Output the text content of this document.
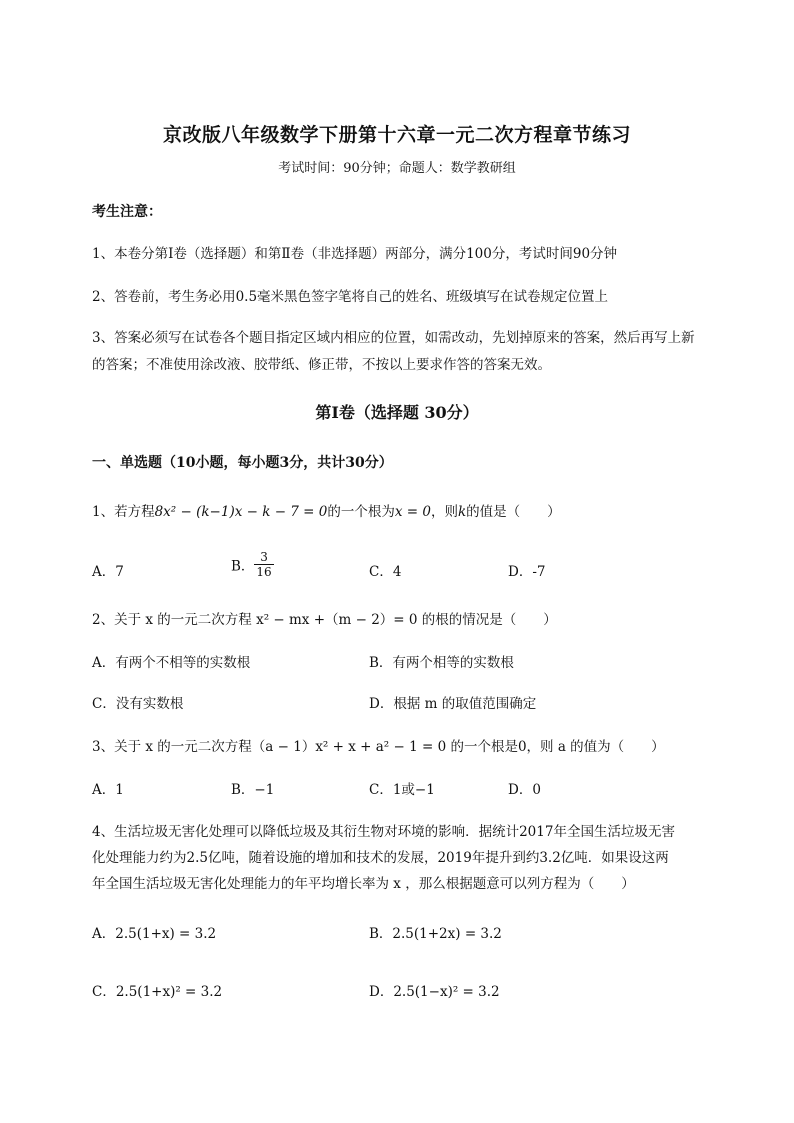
京改版八年级数学下册第十六章一元二次方程章节练习
考试时间：90分钟；命题人：数学教研组
考生注意：
1、本卷分第I卷（选择题）和第Ⅱ卷（非选择题）两部分，满分100分，考试时间90分钟
2、答卷前，考生务必用0.5毫米黑色签字笔将自己的姓名、班级填写在试卷规定位置上
3、答案必须写在试卷各个题目指定区域内相应的位置，如需改动，先划掉原来的答案，然后再写上新
的答案；不准使用涂改液、胶带纸、修正带，不按以上要求作答的答案无效。
第I卷（选择题 30分）
一、单选题（10小题，每小题3分，共计30分）
1、若方程8x² − (k−1)x − k − 7 = 0的一个根为x = 0，则k的值是（　　）
A．7	B． $\frac{3}{16}$	C．4	D．-7
2、关于 x 的一元二次方程 x² − mx +（m − 2）= 0 的根的情况是（　　）
A．有两个不相等的实数根	B．有两个相等的实数根
C．没有实数根	D．根据 m 的取值范围确定
3、关于 x 的一元二次方程（a − 1）x² + x + a² − 1 = 0 的一个根是0，则 a 的值为（　　）
A．1	B．−1	C．1或−1	D．0
4、生活垃圾无害化处理可以降低垃圾及其衍生物对环境的影响．据统计2017年全国生活垃圾无害
化处理能力约为2.5亿吨，随着设施的增加和技术的发展，2019年提升到约3.2亿吨．如果设这两
年全国生活垃圾无害化处理能力的年平均增长率为 x ，那么根据题意可以列方程为（　　）
A．2.5(1+x) = 3.2	B．2.5(1+2x) = 3.2
C．2.5(1+x)² = 3.2	D．2.5(1−x)² = 3.2
